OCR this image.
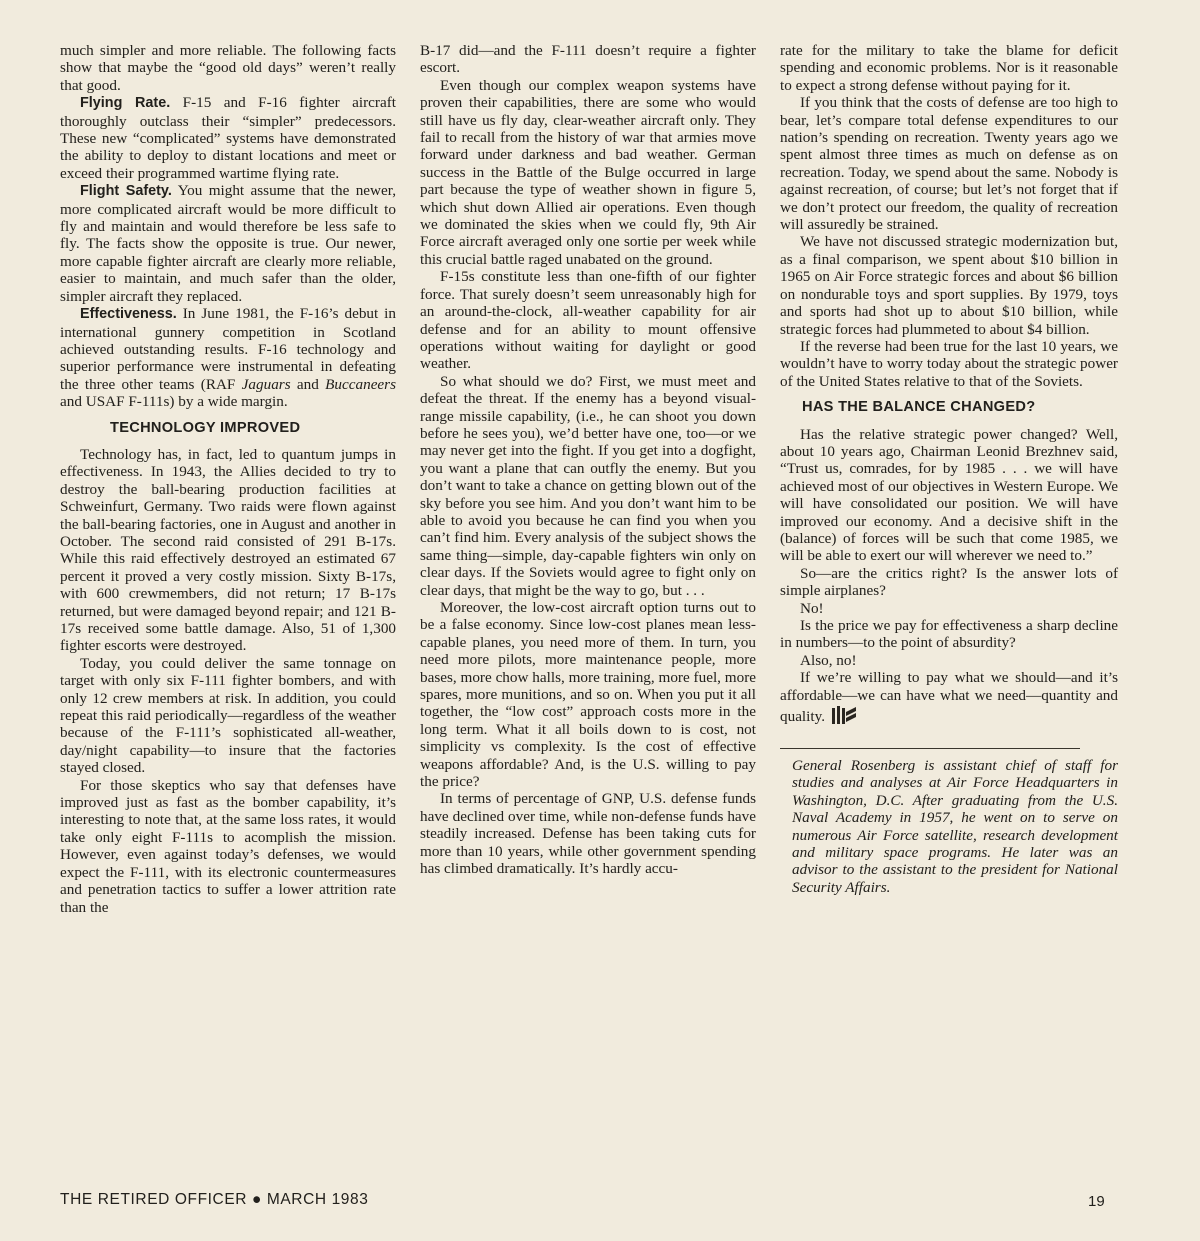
much simpler and more reliable. The following facts show that maybe the “good old days” weren’t really that good.

Flying Rate. F-15 and F-16 fighter aircraft thoroughly outclass their “simpler” predecessors. These new “complicated” systems have demonstrated the ability to deploy to distant locations and meet or exceed their programmed wartime flying rate.

Flight Safety. You might assume that the newer, more complicated aircraft would be more difficult to fly and maintain and would therefore be less safe to fly. The facts show the opposite is true. Our newer, more capable fighter aircraft are clearly more reliable, easier to maintain, and much safer than the older, simpler aircraft they replaced.

Effectiveness. In June 1981, the F-16’s debut in international gunnery competition in Scotland achieved outstanding results. F-16 technology and superior performance were instrumental in defeating the three other teams (RAF Jaguars and Buccaneers and USAF F-111s) by a wide margin.

TECHNOLOGY IMPROVED

Technology has, in fact, led to quantum jumps in effectiveness. In 1943, the Allies decided to try to destroy the ball-bearing production facilities at Schweinfurt, Germany. Two raids were flown against the ball-bearing factories, one in August and another in October. The second raid consisted of 291 B-17s. While this raid effectively destroyed an estimated 67 percent it proved a very costly mission. Sixty B-17s, with 600 crewmembers, did not return; 17 B-17s returned, but were damaged beyond repair; and 121 B-17s received some battle damage. Also, 51 of 1,300 fighter escorts were destroyed.

Today, you could deliver the same tonnage on target with only six F-111 fighter bombers, and with only 12 crew members at risk. In addition, you could repeat this raid periodically—regardless of the weather because of the F-111’s sophisticated all-weather, day/night capability—to insure that the factories stayed closed.

For those skeptics who say that defenses have improved just as fast as the bomber capability, it’s interesting to note that, at the same loss rates, it would take only eight F-111s to acomplish the mission. However, even against today’s defenses, we would expect the F-111, with its electronic countermeasures and penetration tactics to suffer a lower attrition rate than the

B-17 did—and the F-111 doesn’t require a fighter escort.

Even though our complex weapon systems have proven their capabilities, there are some who would still have us fly day, clear-weather aircraft only. They fail to recall from the history of war that armies move forward under darkness and bad weather. German success in the Battle of the Bulge occurred in large part because the type of weather shown in figure 5, which shut down Allied air operations. Even though we dominated the skies when we could fly, 9th Air Force aircraft averaged only one sortie per week while this crucial battle raged unabated on the ground.

F-15s constitute less than one-fifth of our fighter force. That surely doesn’t seem unreasonably high for an around-the-clock, all-weather capability for air defense and for an ability to mount offensive operations without waiting for daylight or good weather.

So what should we do? First, we must meet and defeat the threat. If the enemy has a beyond visual-range missile capability, (i.e., he can shoot you down before he sees you), we’d better have one, too—or we may never get into the fight. If you get into a dogfight, you want a plane that can outfly the enemy. But you don’t want to take a chance on getting blown out of the sky before you see him. And you don’t want him to be able to avoid you because he can find you when you can’t find him. Every analysis of the subject shows the same thing—simple, day-capable fighters win only on clear days. If the Soviets would agree to fight only on clear days, that might be the way to go, but . . .

Moreover, the low-cost aircraft option turns out to be a false economy. Since low-cost planes mean less-capable planes, you need more of them. In turn, you need more pilots, more maintenance people, more bases, more chow halls, more training, more fuel, more spares, more munitions, and so on. When you put it all together, the “low cost” approach costs more in the long term. What it all boils down to is cost, not simplicity vs complexity. Is the cost of effective weapons affordable? And, is the U.S. willing to pay the price?

In terms of percentage of GNP, U.S. defense funds have declined over time, while non-defense funds have steadily increased. Defense has been taking cuts for more than 10 years, while other government spending has climbed dramatically. It’s hardly accu-

rate for the military to take the blame for deficit spending and economic problems. Nor is it reasonable to expect a strong defense without paying for it.

If you think that the costs of defense are too high to bear, let’s compare total defense expenditures to our nation’s spending on recreation. Twenty years ago we spent almost three times as much on defense as on recreation. Today, we spend about the same. Nobody is against recreation, of course; but let’s not forget that if we don’t protect our freedom, the quality of recreation will assuredly be strained.

We have not discussed strategic modernization but, as a final comparison, we spent about $10 billion in 1965 on Air Force strategic forces and about $6 billion on nondurable toys and sport supplies. By 1979, toys and sports had shot up to about $10 billion, while strategic forces had plummeted to about $4 billion.

If the reverse had been true for the last 10 years, we wouldn’t have to worry today about the strategic power of the United States relative to that of the Soviets.

HAS THE BALANCE CHANGED?

Has the relative strategic power changed? Well, about 10 years ago, Chairman Leonid Brezhnev said, “Trust us, comrades, for by 1985 . . . we will have achieved most of our objectives in Western Europe. We will have consolidated our position. We will have improved our economy. And a decisive shift in the (balance) of forces will be such that come 1985, we will be able to exert our will wherever we need to.”

So—are the critics right? Is the answer lots of simple airplanes?

No!

Is the price we pay for effectiveness a sharp decline in numbers—to the point of absurdity?

Also, no!

If we’re willing to pay what we should—and it’s affordable—we can have what we need—quantity and quality.

General Rosenberg is assistant chief of staff for studies and analyses at Air Force Headquarters in Washington, D.C. After graduating from the U.S. Naval Academy in 1957, he went on to serve on numerous Air Force satellite, research development and military space programs. He later was an advisor to the assistant to the president for National Security Affairs.

THE RETIRED OFFICER ● MARCH 1983	19
